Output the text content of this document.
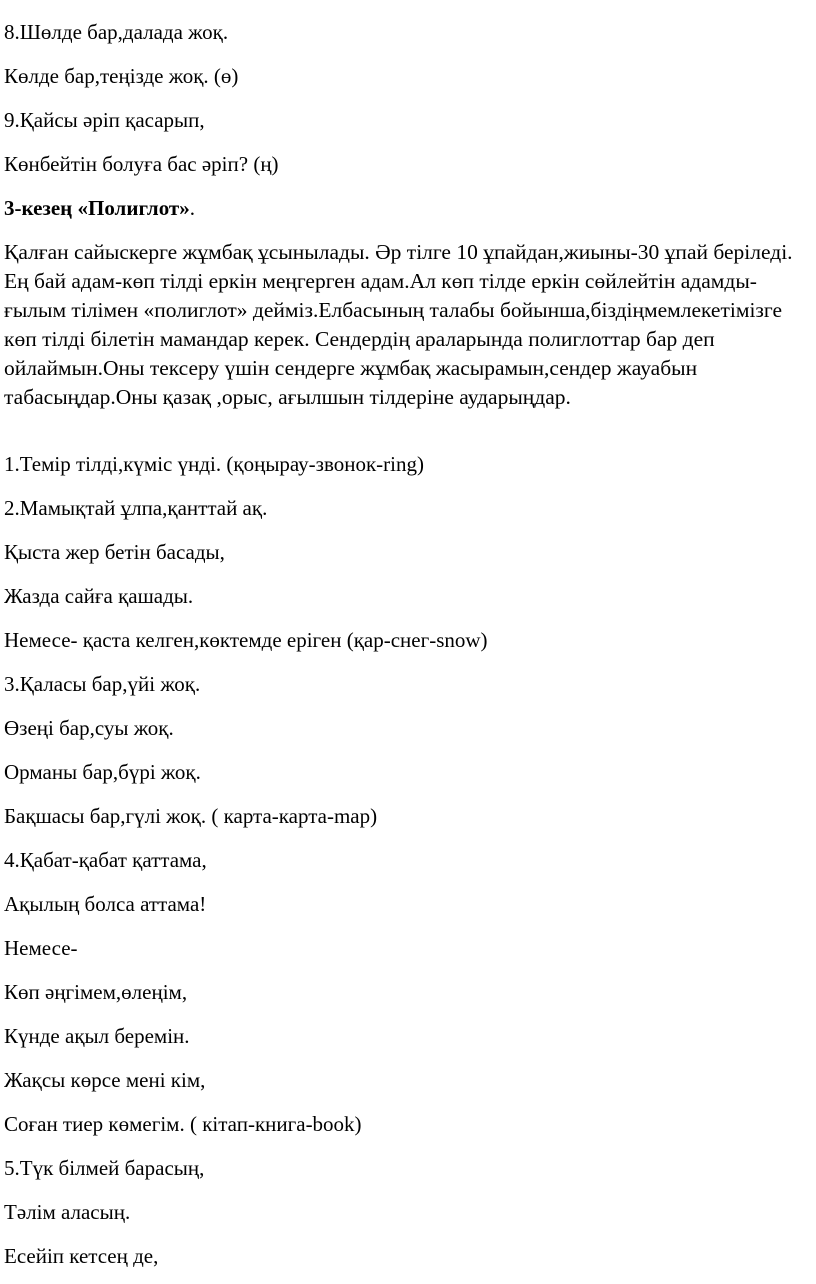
8.Шөлде бар,далада жоқ.

Көлде бар,теңізде жоқ. (ө)

9.Қайсы әріп қасарып,

Көнбейтін болуға бас әріп? (ң)

3-кезең «Полиглот».

Қалған сайыскерге жұмбақ ұсынылады. Әр тілге 10 ұпайдан,жиыны-30 ұпай беріледі. Ең бай адам-көп тілді еркін меңгерген адам.Ал көп тілде еркін сөйлейтін адамды-ғылым тілімен «полиглот» дейміз.Елбасының талабы бойынша,біздіңмемлекетімізге көп тілді білетін мамандар керек. Сендердің араларында полиглоттар бар деп ойлаймын.Оны тексеру үшін сендерге жұмбақ жасырамын,сендер жауабын табасыңдар.Оны қазақ ,орыс, ағылшын тілдеріне аударыңдар.

1.Темір тілді,күміс үнді. (қоңырау-звонок-ring)

2.Мамықтай ұлпа,қанттай ақ.

Қыста жер бетін басады,

Жазда сайға қашады.

Немесе- қаста келген,көктемде еріген (қар-снег-snow)

3.Қаласы бар,үйі жоқ.

Өзеңі бар,суы жоқ.

Орманы бар,бүрі жоқ.

Бақшасы бар,гүлі жоқ. ( карта-карта-map)

4.Қабат-қабат қаттама,

Ақылың болса аттама!

Немесе-

Көп әңгімем,өлеңім,

Күнде ақыл беремін.

Жақсы көрсе мені кім,

Соған тиер көмегім. ( кітап-книга-book)

5.Түк білмей барасың,

Тәлім аласың.

Есейіп кетсең де,
